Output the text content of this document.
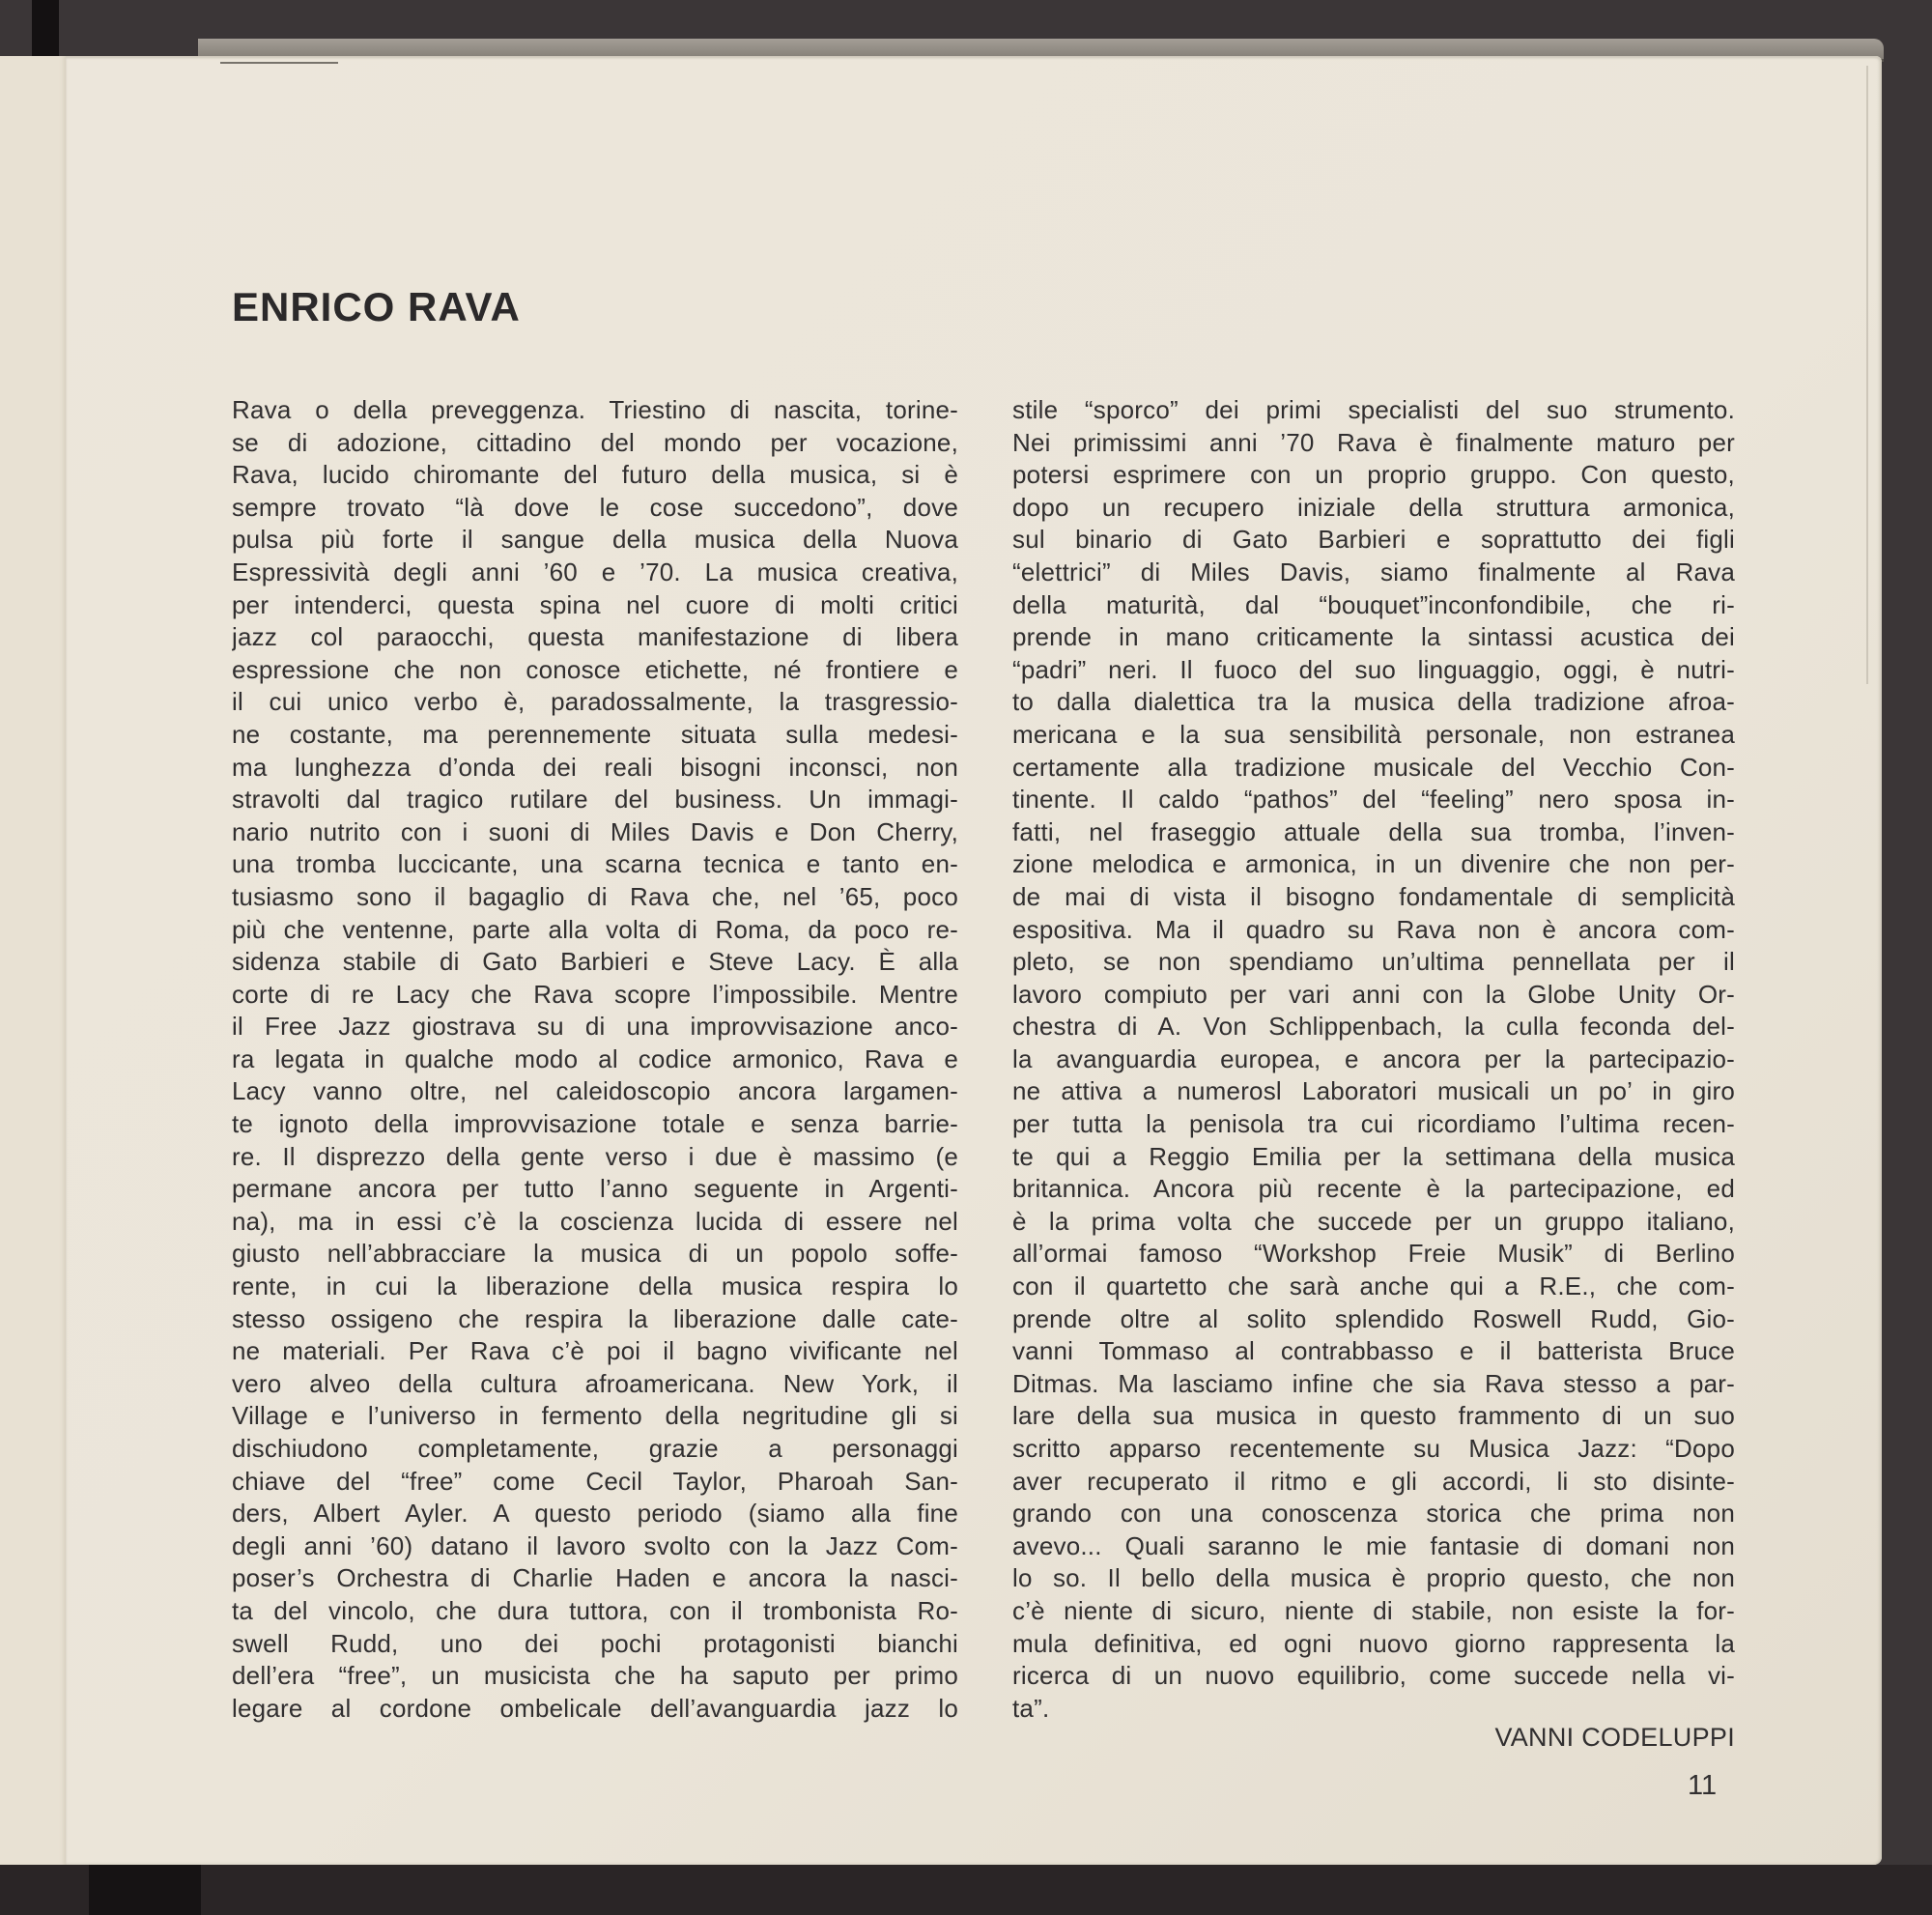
ENRICO RAVA
Rava o della preveggenza. Triestino di nascita, torine-
se di adozione, cittadino del mondo per vocazione,
Rava, lucido chiromante del futuro della musica, si è
sempre trovato “là dove le cose succedono”, dove
pulsa più forte il sangue della musica della Nuova
Espressività degli anni ’60 e ’70. La musica creativa,
per intenderci, questa spina nel cuore di molti critici
jazz col paraocchi, questa manifestazione di libera
espressione che non conosce etichette, né frontiere e
il cui unico verbo è, paradossalmente, la trasgressio-
ne costante, ma perennemente situata sulla medesi-
ma lunghezza d’onda dei reali bisogni inconsci, non
stravolti dal tragico rutilare del business. Un immagi-
nario nutrito con i suoni di Miles Davis e Don Cherry,
una tromba luccicante, una scarna tecnica e tanto en-
tusiasmo sono il bagaglio di Rava che, nel ’65, poco
più che ventenne, parte alla volta di Roma, da poco re-
sidenza stabile di Gato Barbieri e Steve Lacy. È alla
corte di re Lacy che Rava scopre l’impossibile. Mentre
il Free Jazz giostrava su di una improvvisazione anco-
ra legata in qualche modo al codice armonico, Rava e
Lacy vanno oltre, nel caleidoscopio ancora largamen-
te ignoto della improvvisazione totale e senza barrie-
re. Il disprezzo della gente verso i due è massimo (e
permane ancora per tutto l’anno seguente in Argenti-
na), ma in essi c’è la coscienza lucida di essere nel
giusto nell’abbracciare la musica di un popolo soffe-
rente, in cui la liberazione della musica respira lo
stesso ossigeno che respira la liberazione dalle cate-
ne materiali. Per Rava c’è poi il bagno vivificante nel
vero alveo della cultura afroamericana. New York, il
Village e l’universo in fermento della negritudine gli si
dischiudono completamente, grazie a personaggi
chiave del “free” come Cecil Taylor, Pharoah San-
ders, Albert Ayler. A questo periodo (siamo alla fine
degli anni ’60) datano il lavoro svolto con la Jazz Com-
poser’s Orchestra di Charlie Haden e ancora la nasci-
ta del vincolo, che dura tuttora, con il trombonista Ro-
swell Rudd, uno dei pochi protagonisti bianchi
dell’era “free”, un musicista che ha saputo per primo
legare al cordone ombelicale dell’avanguardia jazz lo
stile “sporco” dei primi specialisti del suo strumento.
Nei primissimi anni ’70 Rava è finalmente maturo per
potersi esprimere con un proprio gruppo. Con questo,
dopo un recupero iniziale della struttura armonica,
sul binario di Gato Barbieri e soprattutto dei figli
“elettrici” di Miles Davis, siamo finalmente al Rava
della maturità, dal “bouquet”inconfondibile, che ri-
prende in mano criticamente la sintassi acustica dei
“padri” neri. Il fuoco del suo linguaggio, oggi, è nutri-
to dalla dialettica tra la musica della tradizione afroa-
mericana e la sua sensibilità personale, non estranea
certamente alla tradizione musicale del Vecchio Con-
tinente. Il caldo “pathos” del “feeling” nero sposa in-
fatti, nel fraseggio attuale della sua tromba, l’inven-
zione melodica e armonica, in un divenire che non per-
de mai di vista il bisogno fondamentale di semplicità
espositiva. Ma il quadro su Rava non è ancora com-
pleto, se non spendiamo un’ultima pennellata per il
lavoro compiuto per vari anni con la Globe Unity Or-
chestra di A. Von Schlippenbach, la culla feconda del-
la avanguardia europea, e ancora per la partecipazio-
ne attiva a numerosl Laboratori musicali un po’ in giro
per tutta la penisola tra cui ricordiamo l’ultima recen-
te qui a Reggio Emilia per la settimana della musica
britannica. Ancora più recente è la partecipazione, ed
è la prima volta che succede per un gruppo italiano,
all’ormai famoso “Workshop Freie Musik” di Berlino
con il quartetto che sarà anche qui a R.E., che com-
prende oltre al solito splendido Roswell Rudd, Gio-
vanni Tommaso al contrabbasso e il batterista Bruce
Ditmas. Ma lasciamo infine che sia Rava stesso a par-
lare della sua musica in questo frammento di un suo
scritto apparso recentemente su Musica Jazz: “Dopo
aver recuperato il ritmo e gli accordi, li sto disinte-
grando con una conoscenza storica che prima non
avevo... Quali saranno le mie fantasie di domani non
lo so. Il bello della musica è proprio questo, che non
c’è niente di sicuro, niente di stabile, non esiste la for-
mula definitiva, ed ogni nuovo giorno rappresenta la
ricerca di un nuovo equilibrio, come succede nella vi-
ta”.
VANNI CODELUPPI
11
